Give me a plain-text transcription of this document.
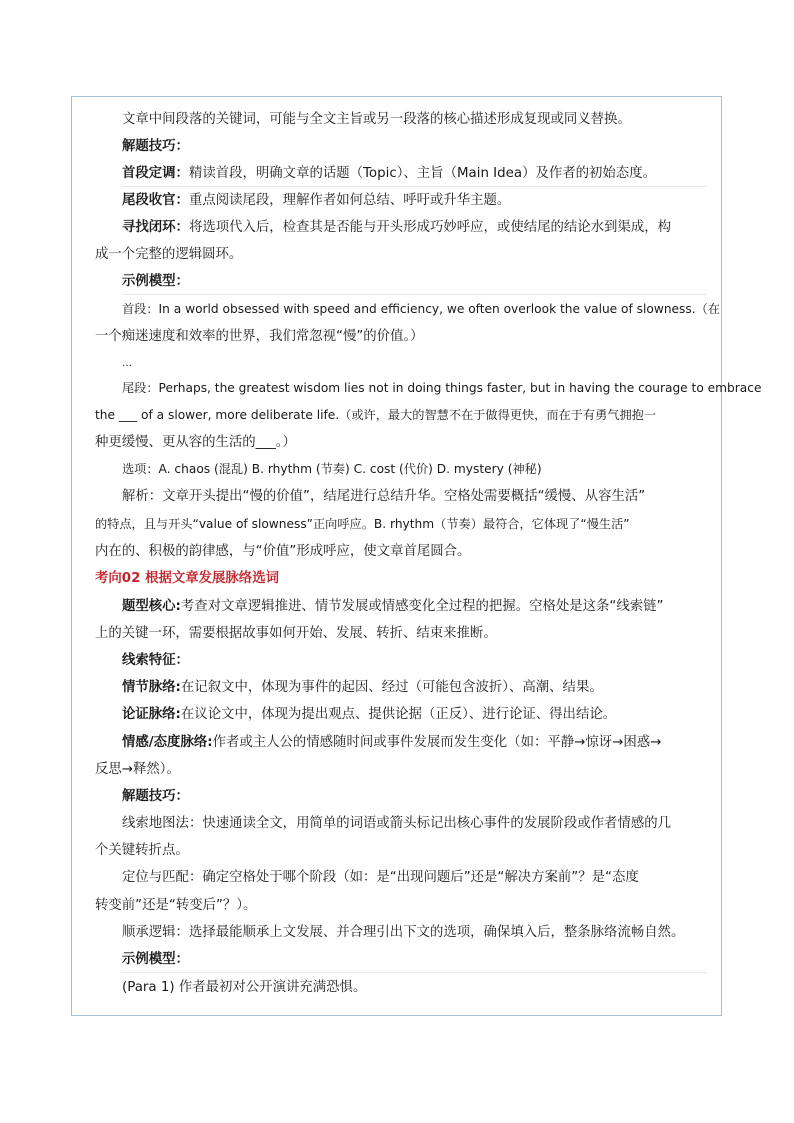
文章中间段落的关键词，可能与全文主旨或另一段落的核心描述形成复现或同义替换。
解题技巧：
首段定调：精读首段，明确文章的话题（Topic）、主旨（Main Idea）及作者的初始态度。
尾段收官：重点阅读尾段，理解作者如何总结、呼吁或升华主题。
寻找闭环：将选项代入后，检查其是否能与开头形成巧妙呼应，或使结尾的结论水到渠成，构
成一个完整的逻辑圆环。
示例模型：
首段：In a world obsessed with speed and efficiency, we often overlook the value of slowness.（在
一个痴迷速度和效率的世界，我们常忽视“慢”的价值。）
…
尾段：Perhaps, the greatest wisdom lies not in doing things faster, but in having the courage to embrace
the ___ of a slower, more deliberate life.（或许，最大的智慧不在于做得更快，而在于有勇气拥抱一
种更缓慢、更从容的生活的___。）
选项：A. chaos (混乱) B. rhythm (节奏) C. cost (代价) D. mystery (神秘)
解析：文章开头提出“慢的价值”，结尾进行总结升华。空格处需要概括“缓慢、从容生活”
的特点，且与开头“value of slowness”正向呼应。B. rhythm（节奏）最符合，它体现了“慢生活”
内在的、积极的韵律感，与“价值”形成呼应，使文章首尾圆合。
考向02 根据文章发展脉络选词
题型核心:考查对文章逻辑推进、情节发展或情感变化全过程的把握。空格处是这条“线索链”
上的关键一环，需要根据故事如何开始、发展、转折、结束来推断。
线索特征：
情节脉络:在记叙文中，体现为事件的起因、经过（可能包含波折）、高潮、结果。
论证脉络:在议论文中，体现为提出观点、提供论据（正反）、进行论证、得出结论。
情感/态度脉络:作者或主人公的情感随时间或事件发展而发生变化（如：平静→惊讶→困惑→
反思→释然）。
解题技巧：
线索地图法：快速通读全文，用简单的词语或箭头标记出核心事件的发展阶段或作者情感的几
个关键转折点。
定位与匹配：确定空格处于哪个阶段（如：是“出现问题后”还是“解决方案前”？是“态度
转变前”还是“转变后”？）。
顺承逻辑：选择最能顺承上文发展、并合理引出下文的选项，确保填入后，整条脉络流畅自然。
示例模型：
(Para 1) 作者最初对公开演讲充满恐惧。
